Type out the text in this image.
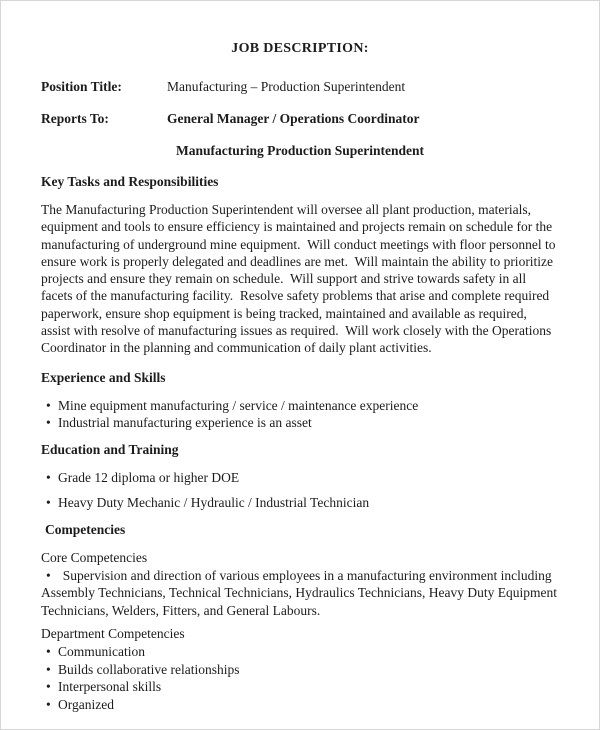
JOB DESCRIPTION:
Position Title:	Manufacturing – Production Superintendent
Reports To:	General Manager / Operations Coordinator
Manufacturing Production Superintendent
Key Tasks and Responsibilities

The Manufacturing Production Superintendent will oversee all plant production, materials, equipment and tools to ensure efficiency is maintained and projects remain on schedule for the manufacturing of underground mine equipment.  Will conduct meetings with floor personnel to ensure work is properly delegated and deadlines are met.  Will maintain the ability to prioritize projects and ensure they remain on schedule.  Will support and strive towards safety in all facets of the manufacturing facility.  Resolve safety problems that arise and complete required paperwork, ensure shop equipment is being tracked, maintained and available as required, assist with resolve of manufacturing issues as required.  Will work closely with the Operations Coordinator in the planning and communication of daily plant activities.

Experience and Skills
• Mine equipment manufacturing / service / maintenance experience
• Industrial manufacturing experience is an asset
Education and Training
• Grade 12 diploma or higher DOE
• Heavy Duty Mechanic / Hydraulic / Industrial Technician
Competencies
Core Competencies

• Supervision and direction of various employees in a manufacturing environment including Assembly Technicians, Technical Technicians, Hydraulics Technicians, Heavy Duty Equipment Technicians, Welders, Fitters, and General Labours.

Department Competencies
• Communication
• Builds collaborative relationships
• Interpersonal skills
• Organized
